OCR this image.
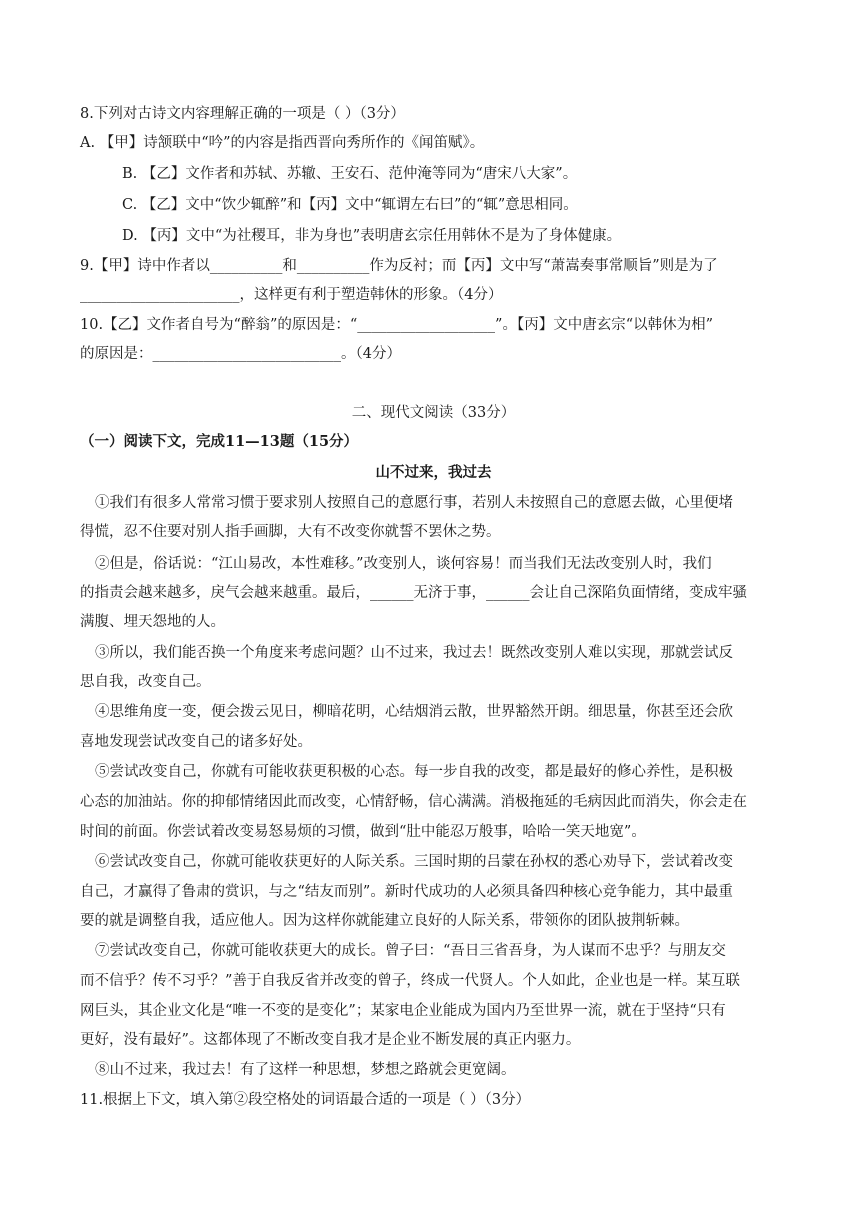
8.下列对古诗文内容理解正确的一项是（ ）（3分）
A. 【甲】诗颔联中“吟”的内容是指西晋向秀所作的《闻笛赋》。
B. 【乙】文作者和苏轼、苏辙、王安石、范仲淹等同为“唐宋八大家”。
C. 【乙】文中“饮少辄醉”和【丙】文中“辄谓左右曰”的“辄”意思相同。
D. 【丙】文中“为社稷耳，非为身也”表明唐玄宗任用韩休不是为了身体健康。
9.【甲】诗中作者以__________和__________作为反衬；而【丙】文中写“萧嵩奏事常顺旨”则是为了
______________________，这样更有利于塑造韩休的形象。（4分）
10.【乙】文作者自号为“醉翁”的原因是：“___________________”。【丙】文中唐玄宗“以韩休为相”
的原因是：__________________________。（4分）
二、现代文阅读（33分）
（一）阅读下文，完成11—13题（15分）
山不过来，我过去
①我们有很多人常常习惯于要求别人按照自己的意愿行事，若别人未按照自己的意愿去做，心里便堵
得慌，忍不住要对别人指手画脚，大有不改变你就誓不罢休之势。
②但是，俗话说：“江山易改，本性难移。”改变别人，谈何容易！而当我们无法改变别人时，我们
的指责会越来越多，戾气会越来越重。最后，______无济于事，______会让自己深陷负面情绪，变成牢骚
满腹、埋天怨地的人。
③所以，我们能否换一个角度来考虑问题？山不过来，我过去！既然改变别人难以实现，那就尝试反
思自我，改变自己。
④思维角度一变，便会拨云见日，柳暗花明，心结烟消云散，世界豁然开朗。细思量，你甚至还会欣
喜地发现尝试改变自己的诸多好处。
⑤尝试改变自己，你就有可能收获更积极的心态。每一步自我的改变，都是最好的修心养性，是积极
心态的加油站。你的抑郁情绪因此而改变，心情舒畅，信心满满。消极拖延的毛病因此而消失，你会走在
时间的前面。你尝试着改变易怒易烦的习惯，做到“肚中能忍万般事，哈哈一笑天地宽”。
⑥尝试改变自己，你就可能收获更好的人际关系。三国时期的吕蒙在孙权的悉心劝导下，尝试着改变
自己，才赢得了鲁肃的赏识，与之“结友而别”。新时代成功的人必须具备四种核心竞争能力，其中最重
要的就是调整自我，适应他人。因为这样你就能建立良好的人际关系，带领你的团队披荆斩棘。
⑦尝试改变自己，你就可能收获更大的成长。曾子曰：“吾日三省吾身，为人谋而不忠乎？与朋友交
而不信乎？传不习乎？”善于自我反省并改变的曾子，终成一代贤人。个人如此，企业也是一样。某互联
网巨头，其企业文化是“唯一不变的是变化”；某家电企业能成为国内乃至世界一流，就在于坚持“只有
更好，没有最好”。这都体现了不断改变自我才是企业不断发展的真正内驱力。
⑧山不过来，我过去！有了这样一种思想，梦想之路就会更宽阔。
11.根据上下文，填入第②段空格处的词语最合适的一项是（ ）（3分）
